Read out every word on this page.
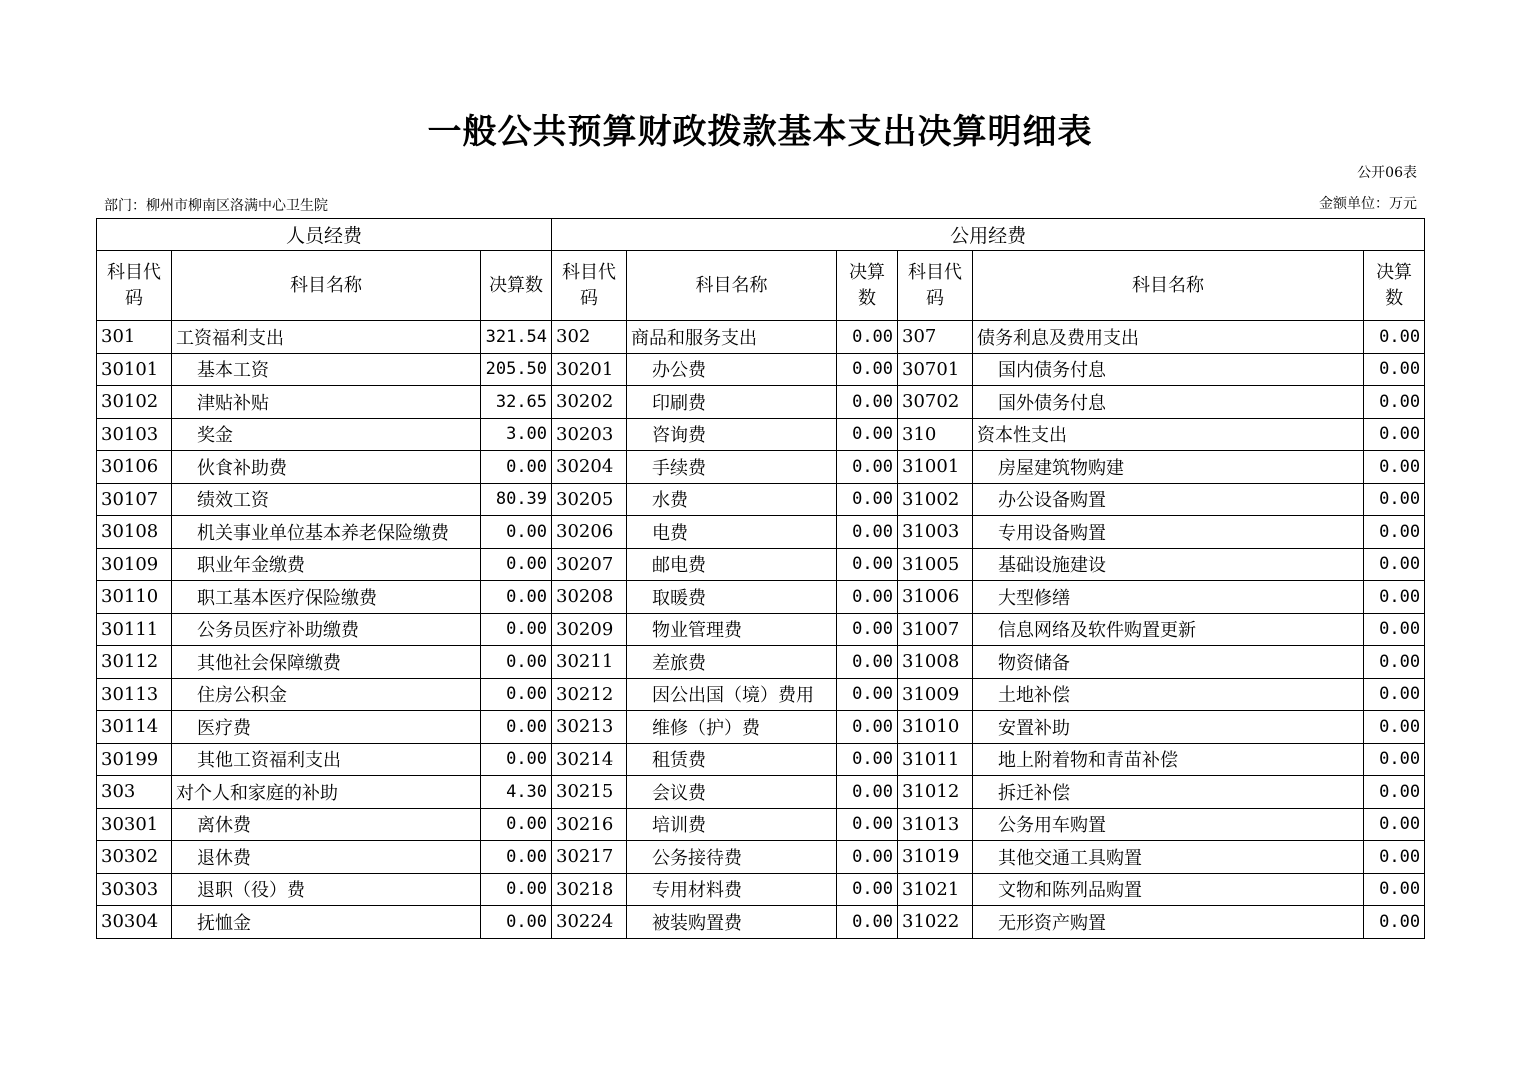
一般公共预算财政拨款基本支出决算明细表
公开06表
部门：柳州市柳南区洛满中心卫生院	金额单位：万元
人员经费			公用经费					
科目代码	科目名称	决算数	科目代码	科目名称	决算数	科目代码	科目名称	决算数
301	工资福利支出	321.54	302	商品和服务支出	0.00	307	债务利息及费用支出	0.00
30101	基本工资	205.50	30201	办公费	0.00	30701	国内债务付息	0.00
30102	津贴补贴	32.65	30202	印刷费	0.00	30702	国外债务付息	0.00
30103	奖金	3.00	30203	咨询费	0.00	310	资本性支出	0.00
30106	伙食补助费	0.00	30204	手续费	0.00	31001	房屋建筑物购建	0.00
30107	绩效工资	80.39	30205	水费	0.00	31002	办公设备购置	0.00
30108	机关事业单位基本养老保险缴费	0.00	30206	电费	0.00	31003	专用设备购置	0.00
30109	职业年金缴费	0.00	30207	邮电费	0.00	31005	基础设施建设	0.00
30110	职工基本医疗保险缴费	0.00	30208	取暖费	0.00	31006	大型修缮	0.00
30111	公务员医疗补助缴费	0.00	30209	物业管理费	0.00	31007	信息网络及软件购置更新	0.00
30112	其他社会保障缴费	0.00	30211	差旅费	0.00	31008	物资储备	0.00
30113	住房公积金	0.00	30212	因公出国（境）费用	0.00	31009	土地补偿	0.00
30114	医疗费	0.00	30213	维修（护）费	0.00	31010	安置补助	0.00
30199	其他工资福利支出	0.00	30214	租赁费	0.00	31011	地上附着物和青苗补偿	0.00
303	对个人和家庭的补助	4.30	30215	会议费	0.00	31012	拆迁补偿	0.00
30301	离休费	0.00	30216	培训费	0.00	31013	公务用车购置	0.00
30302	退休费	0.00	30217	公务接待费	0.00	31019	其他交通工具购置	0.00
30303	退职（役）费	0.00	30218	专用材料费	0.00	31021	文物和陈列品购置	0.00
30304	抚恤金	0.00	30224	被装购置费	0.00	31022	无形资产购置	0.00
